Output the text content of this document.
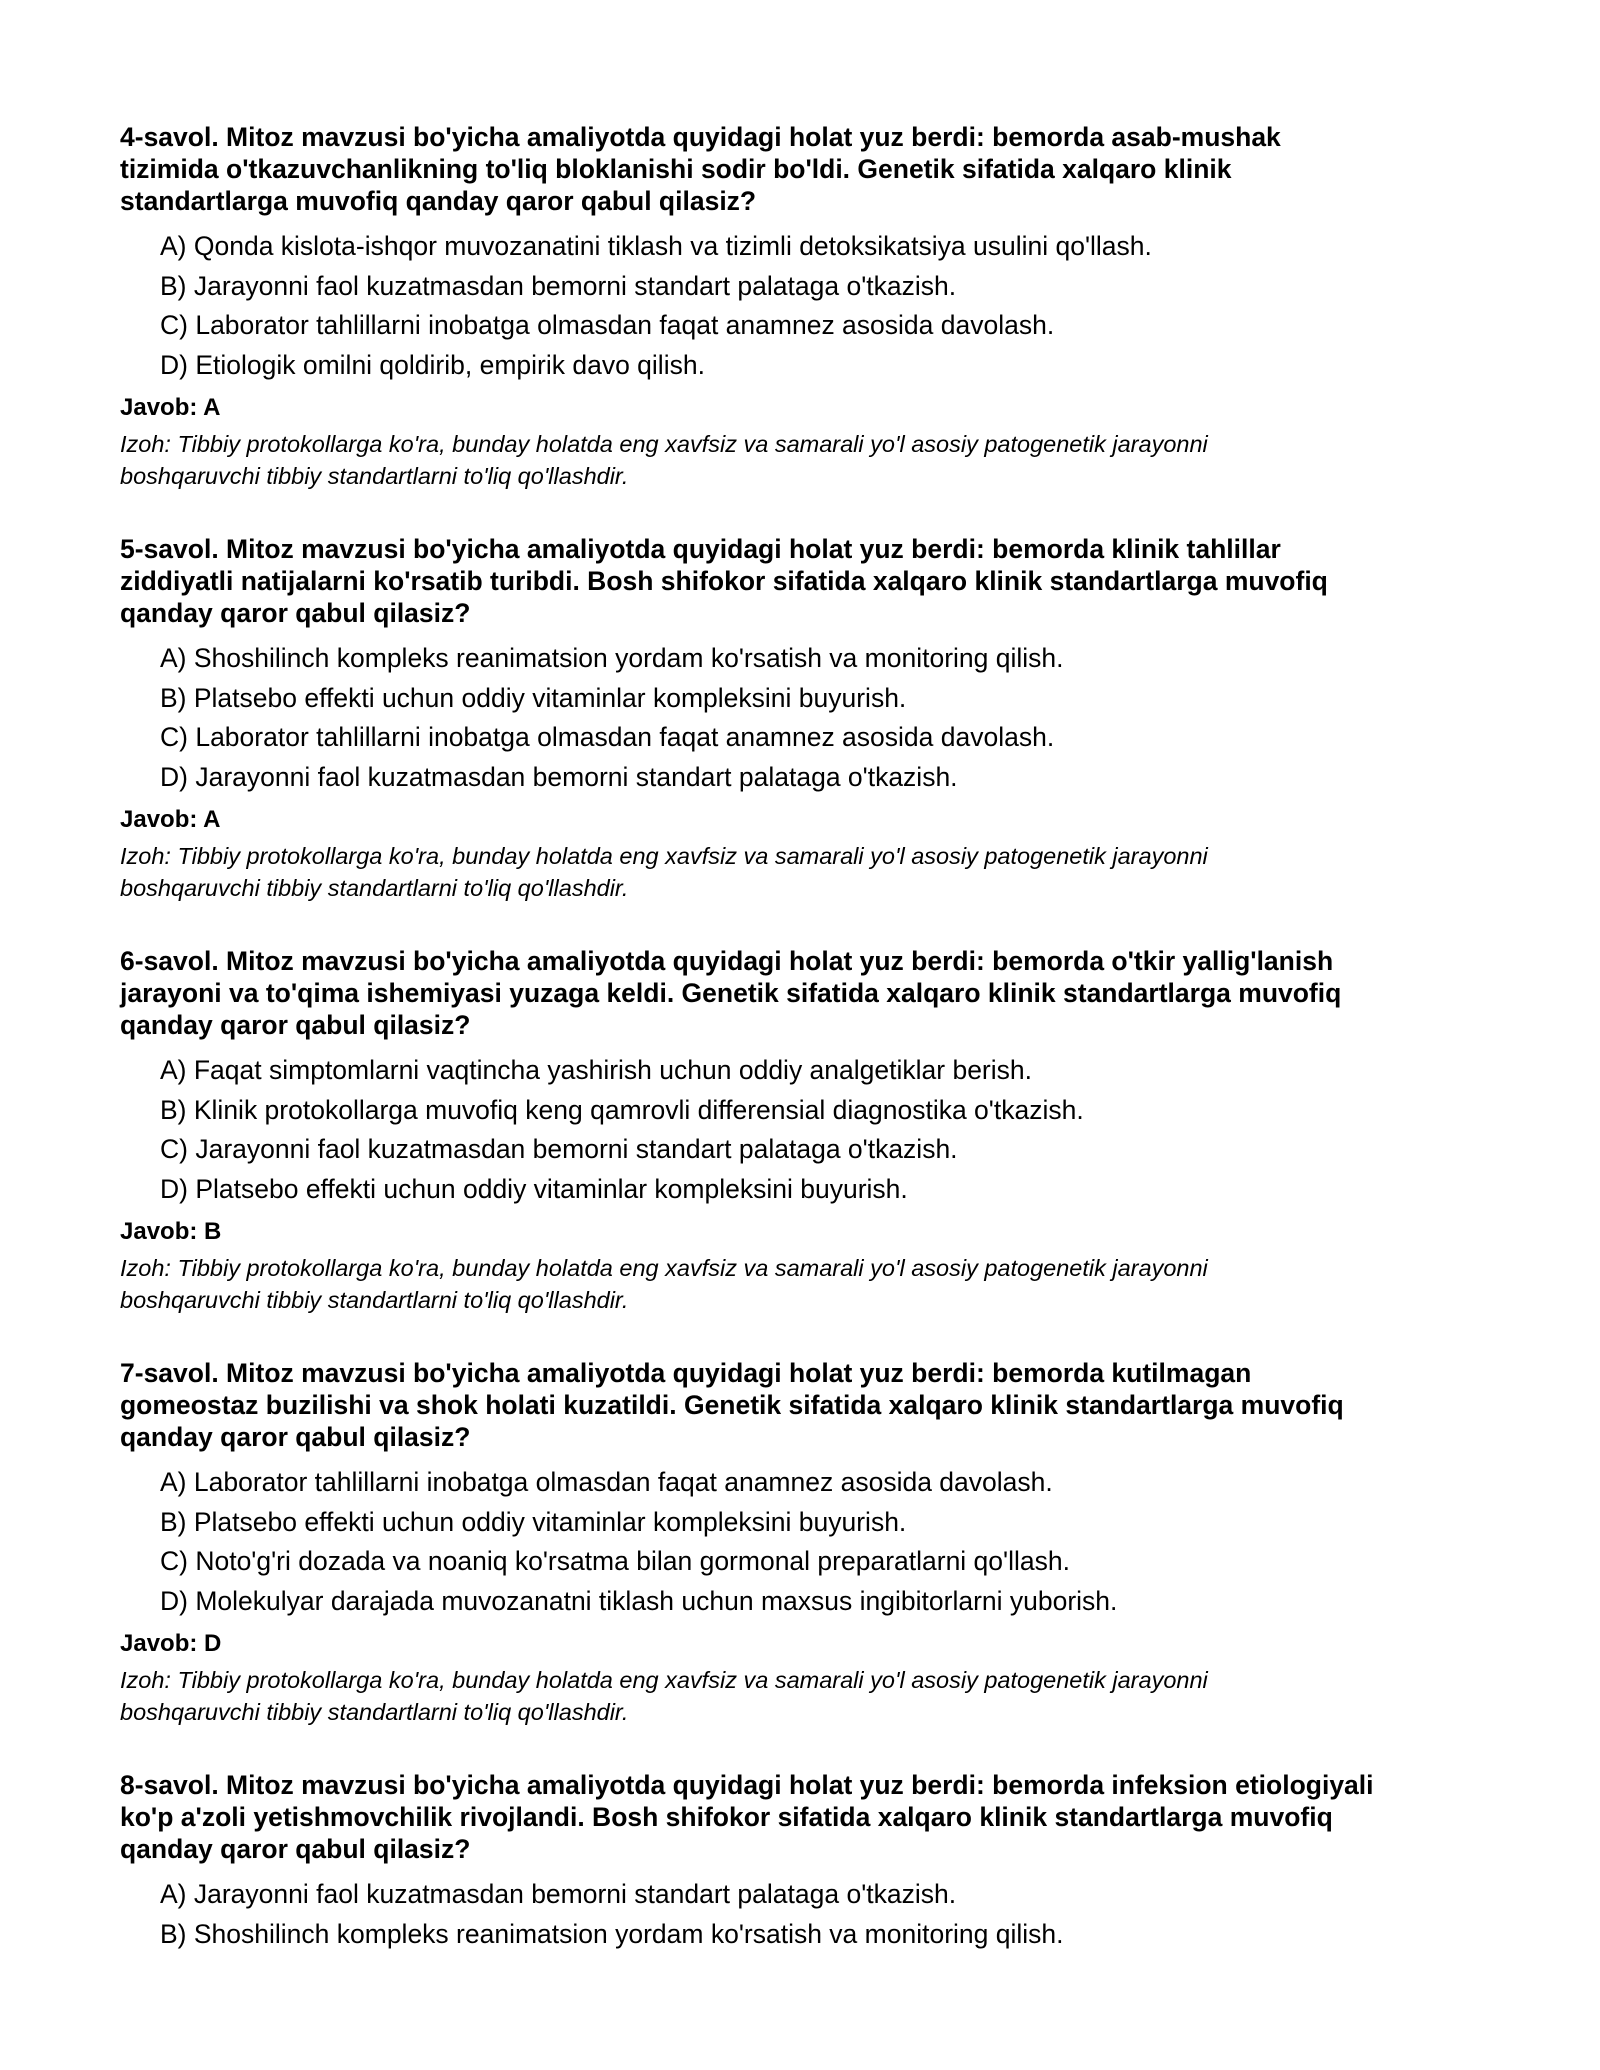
4-savol. Mitoz mavzusi bo'yicha amaliyotda quyidagi holat yuz berdi: bemorda asab-mushak
tizimida o'tkazuvchanlikning to'liq bloklanishi sodir bo'ldi. Genetik sifatida xalqaro klinik
standartlarga muvofiq qanday qaror qabul qilasiz?
A) Qonda kislota-ishqor muvozanatini tiklash va tizimli detoksikatsiya usulini qo'llash.
B) Jarayonni faol kuzatmasdan bemorni standart palataga o'tkazish.
C) Laborator tahlillarni inobatga olmasdan faqat anamnez asosida davolash.
D) Etiologik omilni qoldirib, empirik davo qilish.
Javob: A
Izoh: Tibbiy protokollarga ko'ra, bunday holatda eng xavfsiz va samarali yo'l asosiy patogenetik jarayonni
boshqaruvchi tibbiy standartlarni to'liq qo'llashdir.
5-savol. Mitoz mavzusi bo'yicha amaliyotda quyidagi holat yuz berdi: bemorda klinik tahlillar
ziddiyatli natijalarni ko'rsatib turibdi. Bosh shifokor sifatida xalqaro klinik standartlarga muvofiq
qanday qaror qabul qilasiz?
A) Shoshilinch kompleks reanimatsion yordam ko'rsatish va monitoring qilish.
B) Platsebo effekti uchun oddiy vitaminlar kompleksini buyurish.
C) Laborator tahlillarni inobatga olmasdan faqat anamnez asosida davolash.
D) Jarayonni faol kuzatmasdan bemorni standart palataga o'tkazish.
Javob: A
Izoh: Tibbiy protokollarga ko'ra, bunday holatda eng xavfsiz va samarali yo'l asosiy patogenetik jarayonni
boshqaruvchi tibbiy standartlarni to'liq qo'llashdir.
6-savol. Mitoz mavzusi bo'yicha amaliyotda quyidagi holat yuz berdi: bemorda o'tkir yallig'lanish
jarayoni va to'qima ishemiyasi yuzaga keldi. Genetik sifatida xalqaro klinik standartlarga muvofiq
qanday qaror qabul qilasiz?
A) Faqat simptomlarni vaqtincha yashirish uchun oddiy analgetiklar berish.
B) Klinik protokollarga muvofiq keng qamrovli differensial diagnostika o'tkazish.
C) Jarayonni faol kuzatmasdan bemorni standart palataga o'tkazish.
D) Platsebo effekti uchun oddiy vitaminlar kompleksini buyurish.
Javob: B
Izoh: Tibbiy protokollarga ko'ra, bunday holatda eng xavfsiz va samarali yo'l asosiy patogenetik jarayonni
boshqaruvchi tibbiy standartlarni to'liq qo'llashdir.
7-savol. Mitoz mavzusi bo'yicha amaliyotda quyidagi holat yuz berdi: bemorda kutilmagan
gomeostaz buzilishi va shok holati kuzatildi. Genetik sifatida xalqaro klinik standartlarga muvofiq
qanday qaror qabul qilasiz?
A) Laborator tahlillarni inobatga olmasdan faqat anamnez asosida davolash.
B) Platsebo effekti uchun oddiy vitaminlar kompleksini buyurish.
C) Noto'g'ri dozada va noaniq ko'rsatma bilan gormonal preparatlarni qo'llash.
D) Molekulyar darajada muvozanatni tiklash uchun maxsus ingibitorlarni yuborish.
Javob: D
Izoh: Tibbiy protokollarga ko'ra, bunday holatda eng xavfsiz va samarali yo'l asosiy patogenetik jarayonni
boshqaruvchi tibbiy standartlarni to'liq qo'llashdir.
8-savol. Mitoz mavzusi bo'yicha amaliyotda quyidagi holat yuz berdi: bemorda infeksion etiologiyali
ko'p a'zoli yetishmovchilik rivojlandi. Bosh shifokor sifatida xalqaro klinik standartlarga muvofiq
qanday qaror qabul qilasiz?
A) Jarayonni faol kuzatmasdan bemorni standart palataga o'tkazish.
B) Shoshilinch kompleks reanimatsion yordam ko'rsatish va monitoring qilish.
